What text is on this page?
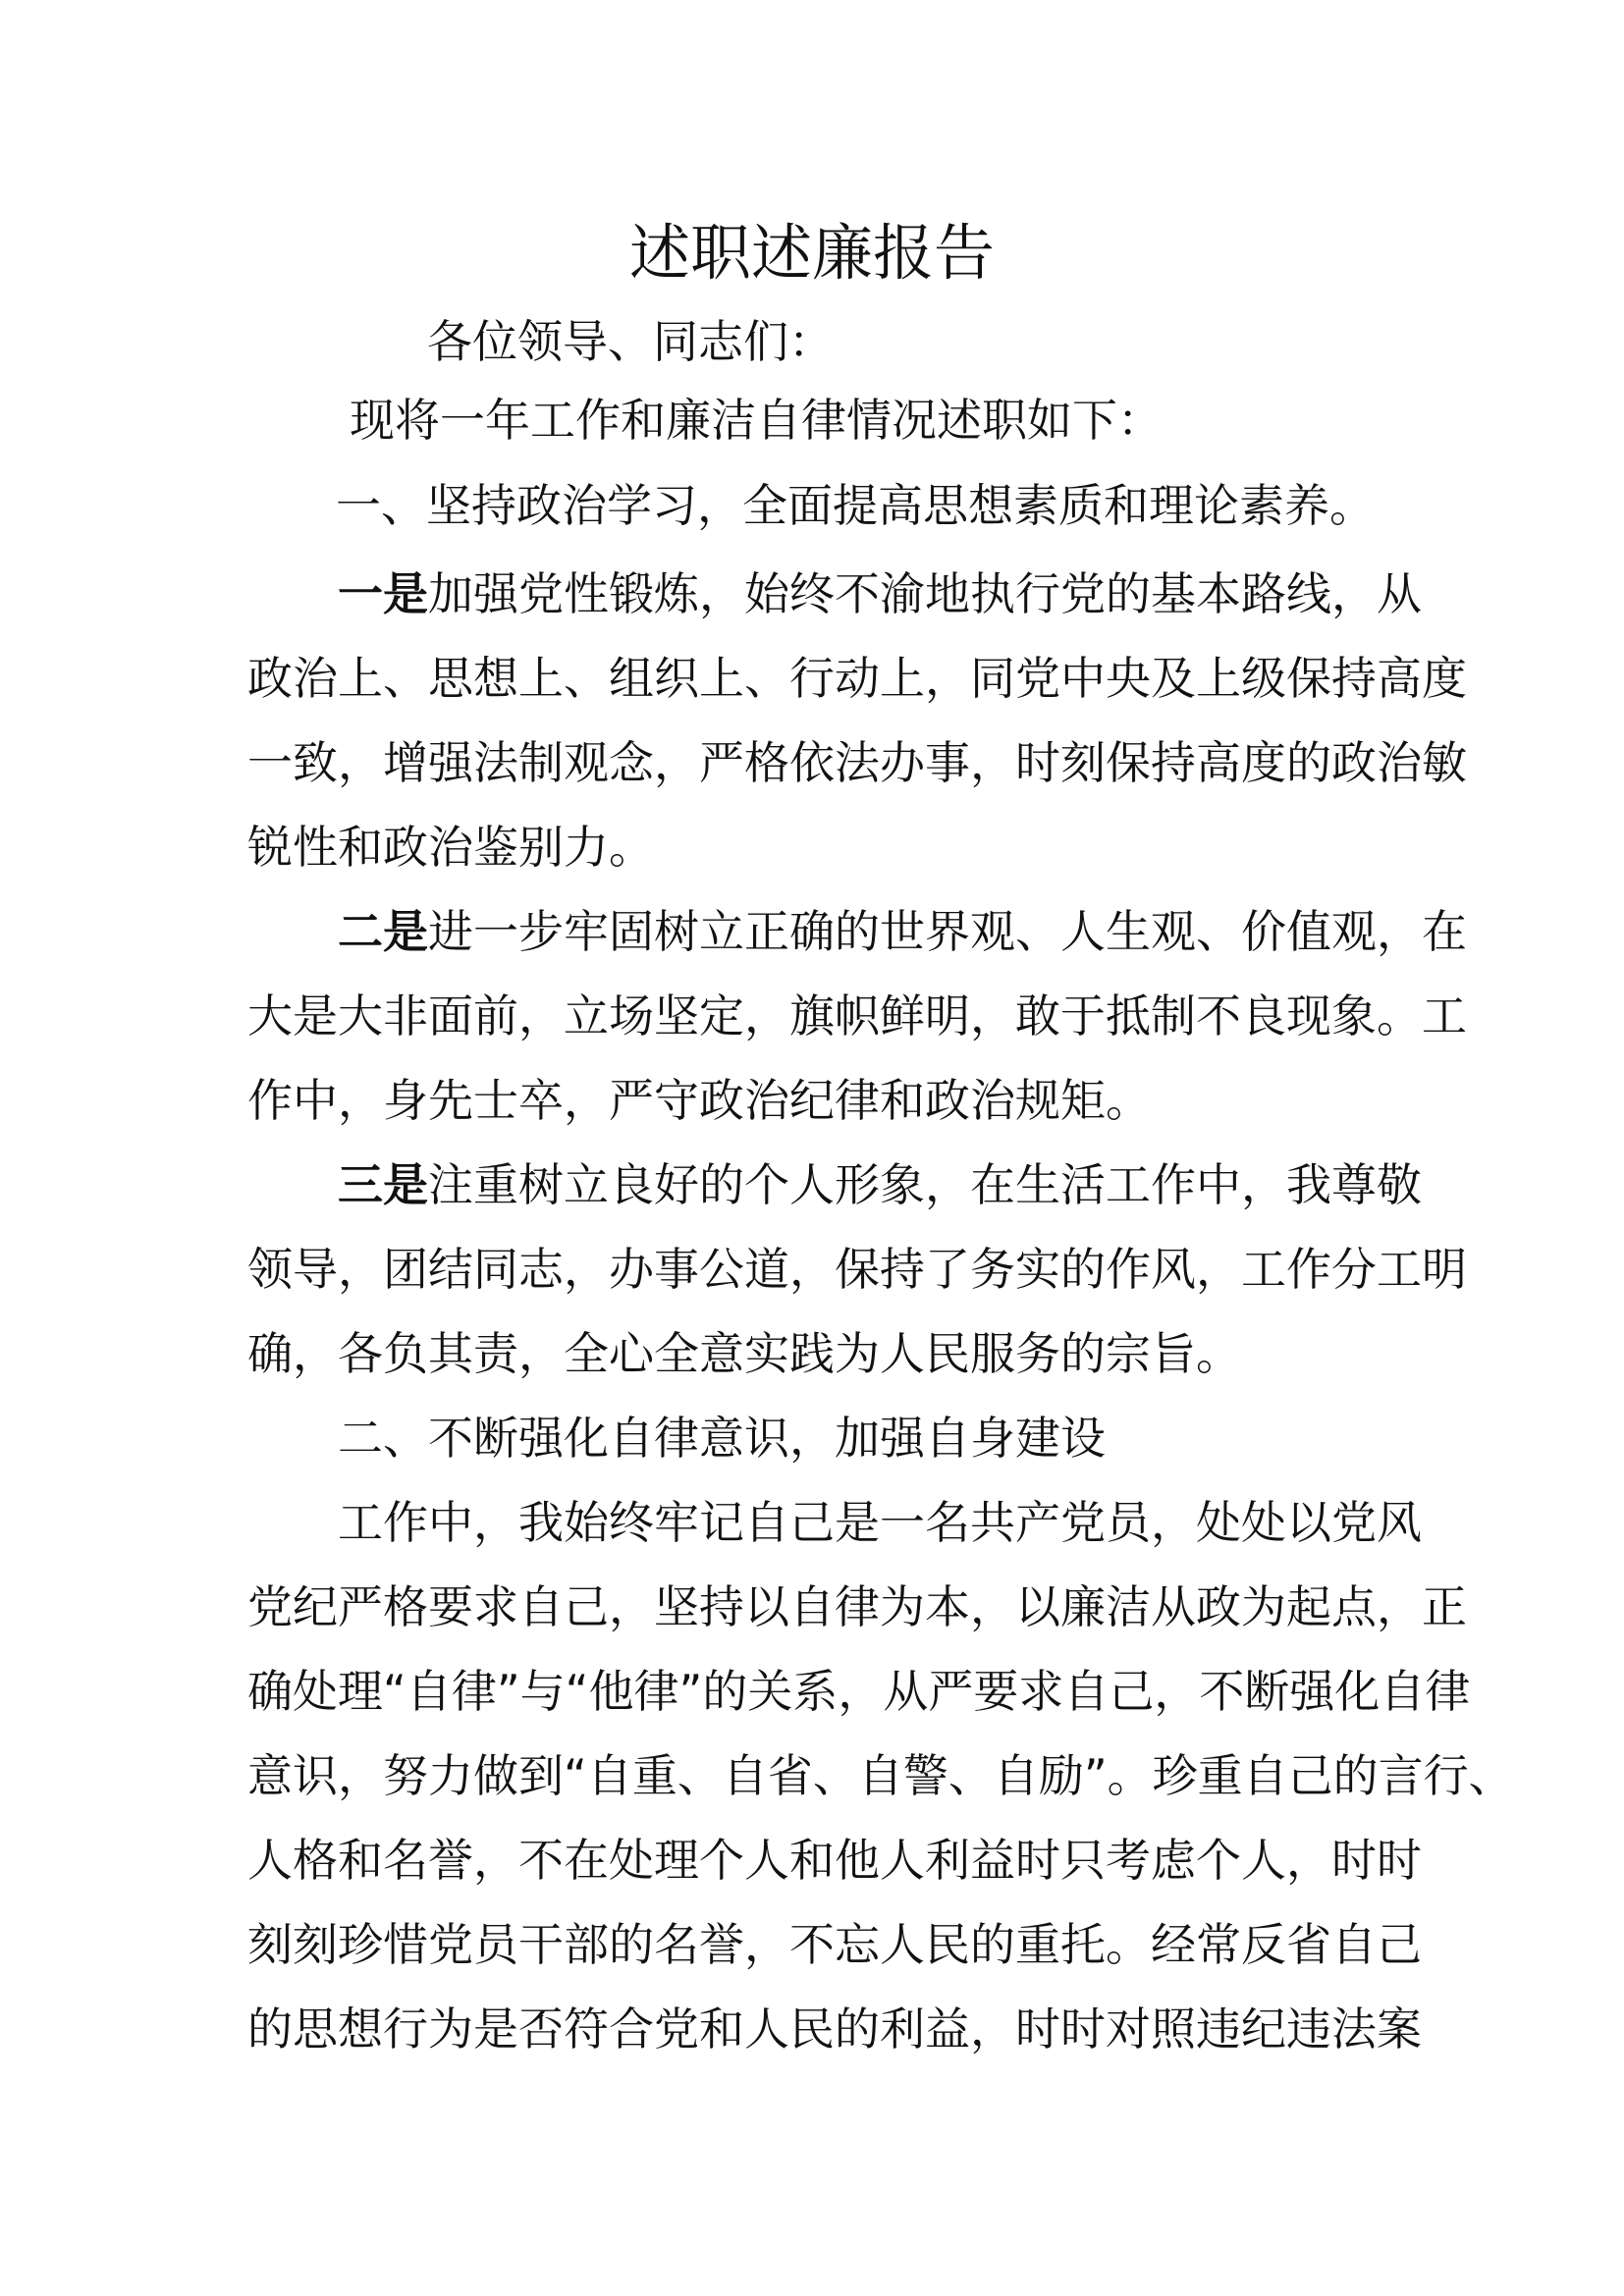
述职述廉报告
各位领导、同志们：
现将一年工作和廉洁自律情况述职如下：
一、坚持政治学习，全面提高思想素质和理论素养。
一是加强党性锻炼，始终不渝地执行党的基本路线，从
政治上、思想上、组织上、行动上，同党中央及上级保持高度
一致，增强法制观念，严格依法办事，时刻保持高度的政治敏
锐性和政治鉴别力。
二是进一步牢固树立正确的世界观、人生观、价值观，在
大是大非面前，立场坚定，旗帜鲜明，敢于抵制不良现象。工
作中，身先士卒，严守政治纪律和政治规矩。
三是注重树立良好的个人形象，在生活工作中，我尊敬
领导，团结同志，办事公道，保持了务实的作风，工作分工明
确，各负其责，全心全意实践为人民服务的宗旨。
二、不断强化自律意识，加强自身建设
工作中，我始终牢记自己是一名共产党员，处处以党风
党纪严格要求自己，坚持以自律为本，以廉洁从政为起点，正
确处理“自律”与“他律”的关系，从严要求自己，不断强化自律
意识，努力做到“自重、自省、自警、自励”。珍重自己的言行、
人格和名誉，不在处理个人和他人利益时只考虑个人，时时
刻刻珍惜党员干部的名誉，不忘人民的重托。经常反省自己
的思想行为是否符合党和人民的利益，时时对照违纪违法案
